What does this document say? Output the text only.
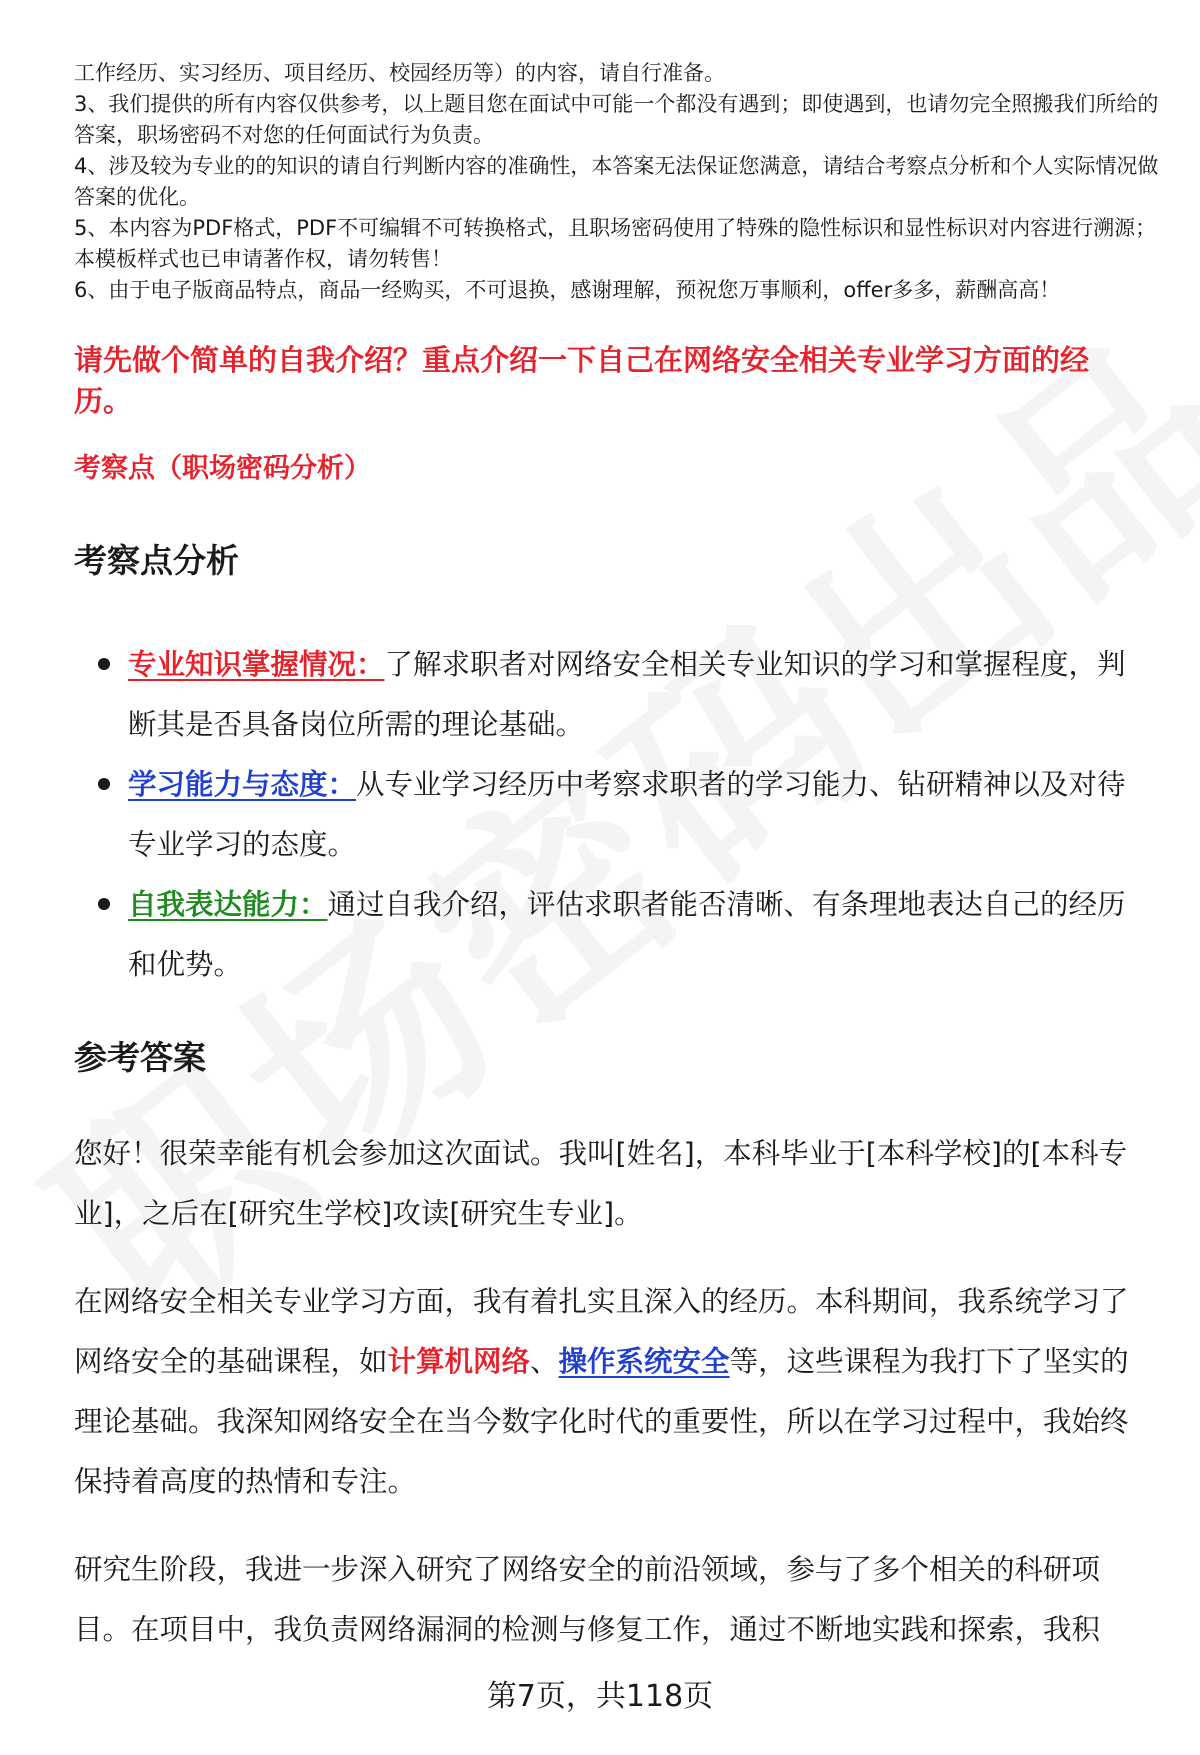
工作经历、实习经历、项目经历、校园经历等）的内容，请自行准备。

3、我们提供的所有内容仅供参考，以上题目您在面试中可能一个都没有遇到；即使遇到，也请勿完全照搬我们所给的答案，职场密码不对您的任何面试行为负责。

4、涉及较为专业的的知识的请自行判断内容的准确性，本答案无法保证您满意，请结合考察点分析和个人实际情况做答案的优化。

5、本内容为PDF格式，PDF不可编辑不可转换格式，且职场密码使用了特殊的隐性标识和显性标识对内容进行溯源；本模板样式也已申请著作权，请勿转售！

6、由于电子版商品特点，商品一经购买，不可退换，感谢理解，预祝您万事顺利，offer多多，薪酬高高！

请先做个简单的自我介绍？重点介绍一下自己在网络安全相关专业学习方面的经历。
考察点（职场密码分析）
考察点分析
专业知识掌握情况：了解求职者对网络安全相关专业知识的学习和掌握程度，判断其是否具备岗位所需的理论基础。
学习能力与态度：从专业学习经历中考察求职者的学习能力、钻研精神以及对待专业学习的态度。
自我表达能力：通过自我介绍，评估求职者能否清晰、有条理地表达自己的经历和优势。
参考答案

您好！很荣幸能有机会参加这次面试。我叫[姓名]，本科毕业于[本科学校]的[本科专业]，之后在[研究生学校]攻读[研究生专业]。

在网络安全相关专业学习方面，我有着扎实且深入的经历。本科期间，我系统学习了网络安全的基础课程，如计算机网络、操作系统安全等，这些课程为我打下了坚实的理论基础。我深知网络安全在当今数字化时代的重要性，所以在学习过程中，我始终保持着高度的热情和专注。

研究生阶段，我进一步深入研究了网络安全的前沿领域，参与了多个相关的科研项目。在项目中，我负责网络漏洞的检测与修复工作，通过不断地实践和探索，我积

第7页，共118页
